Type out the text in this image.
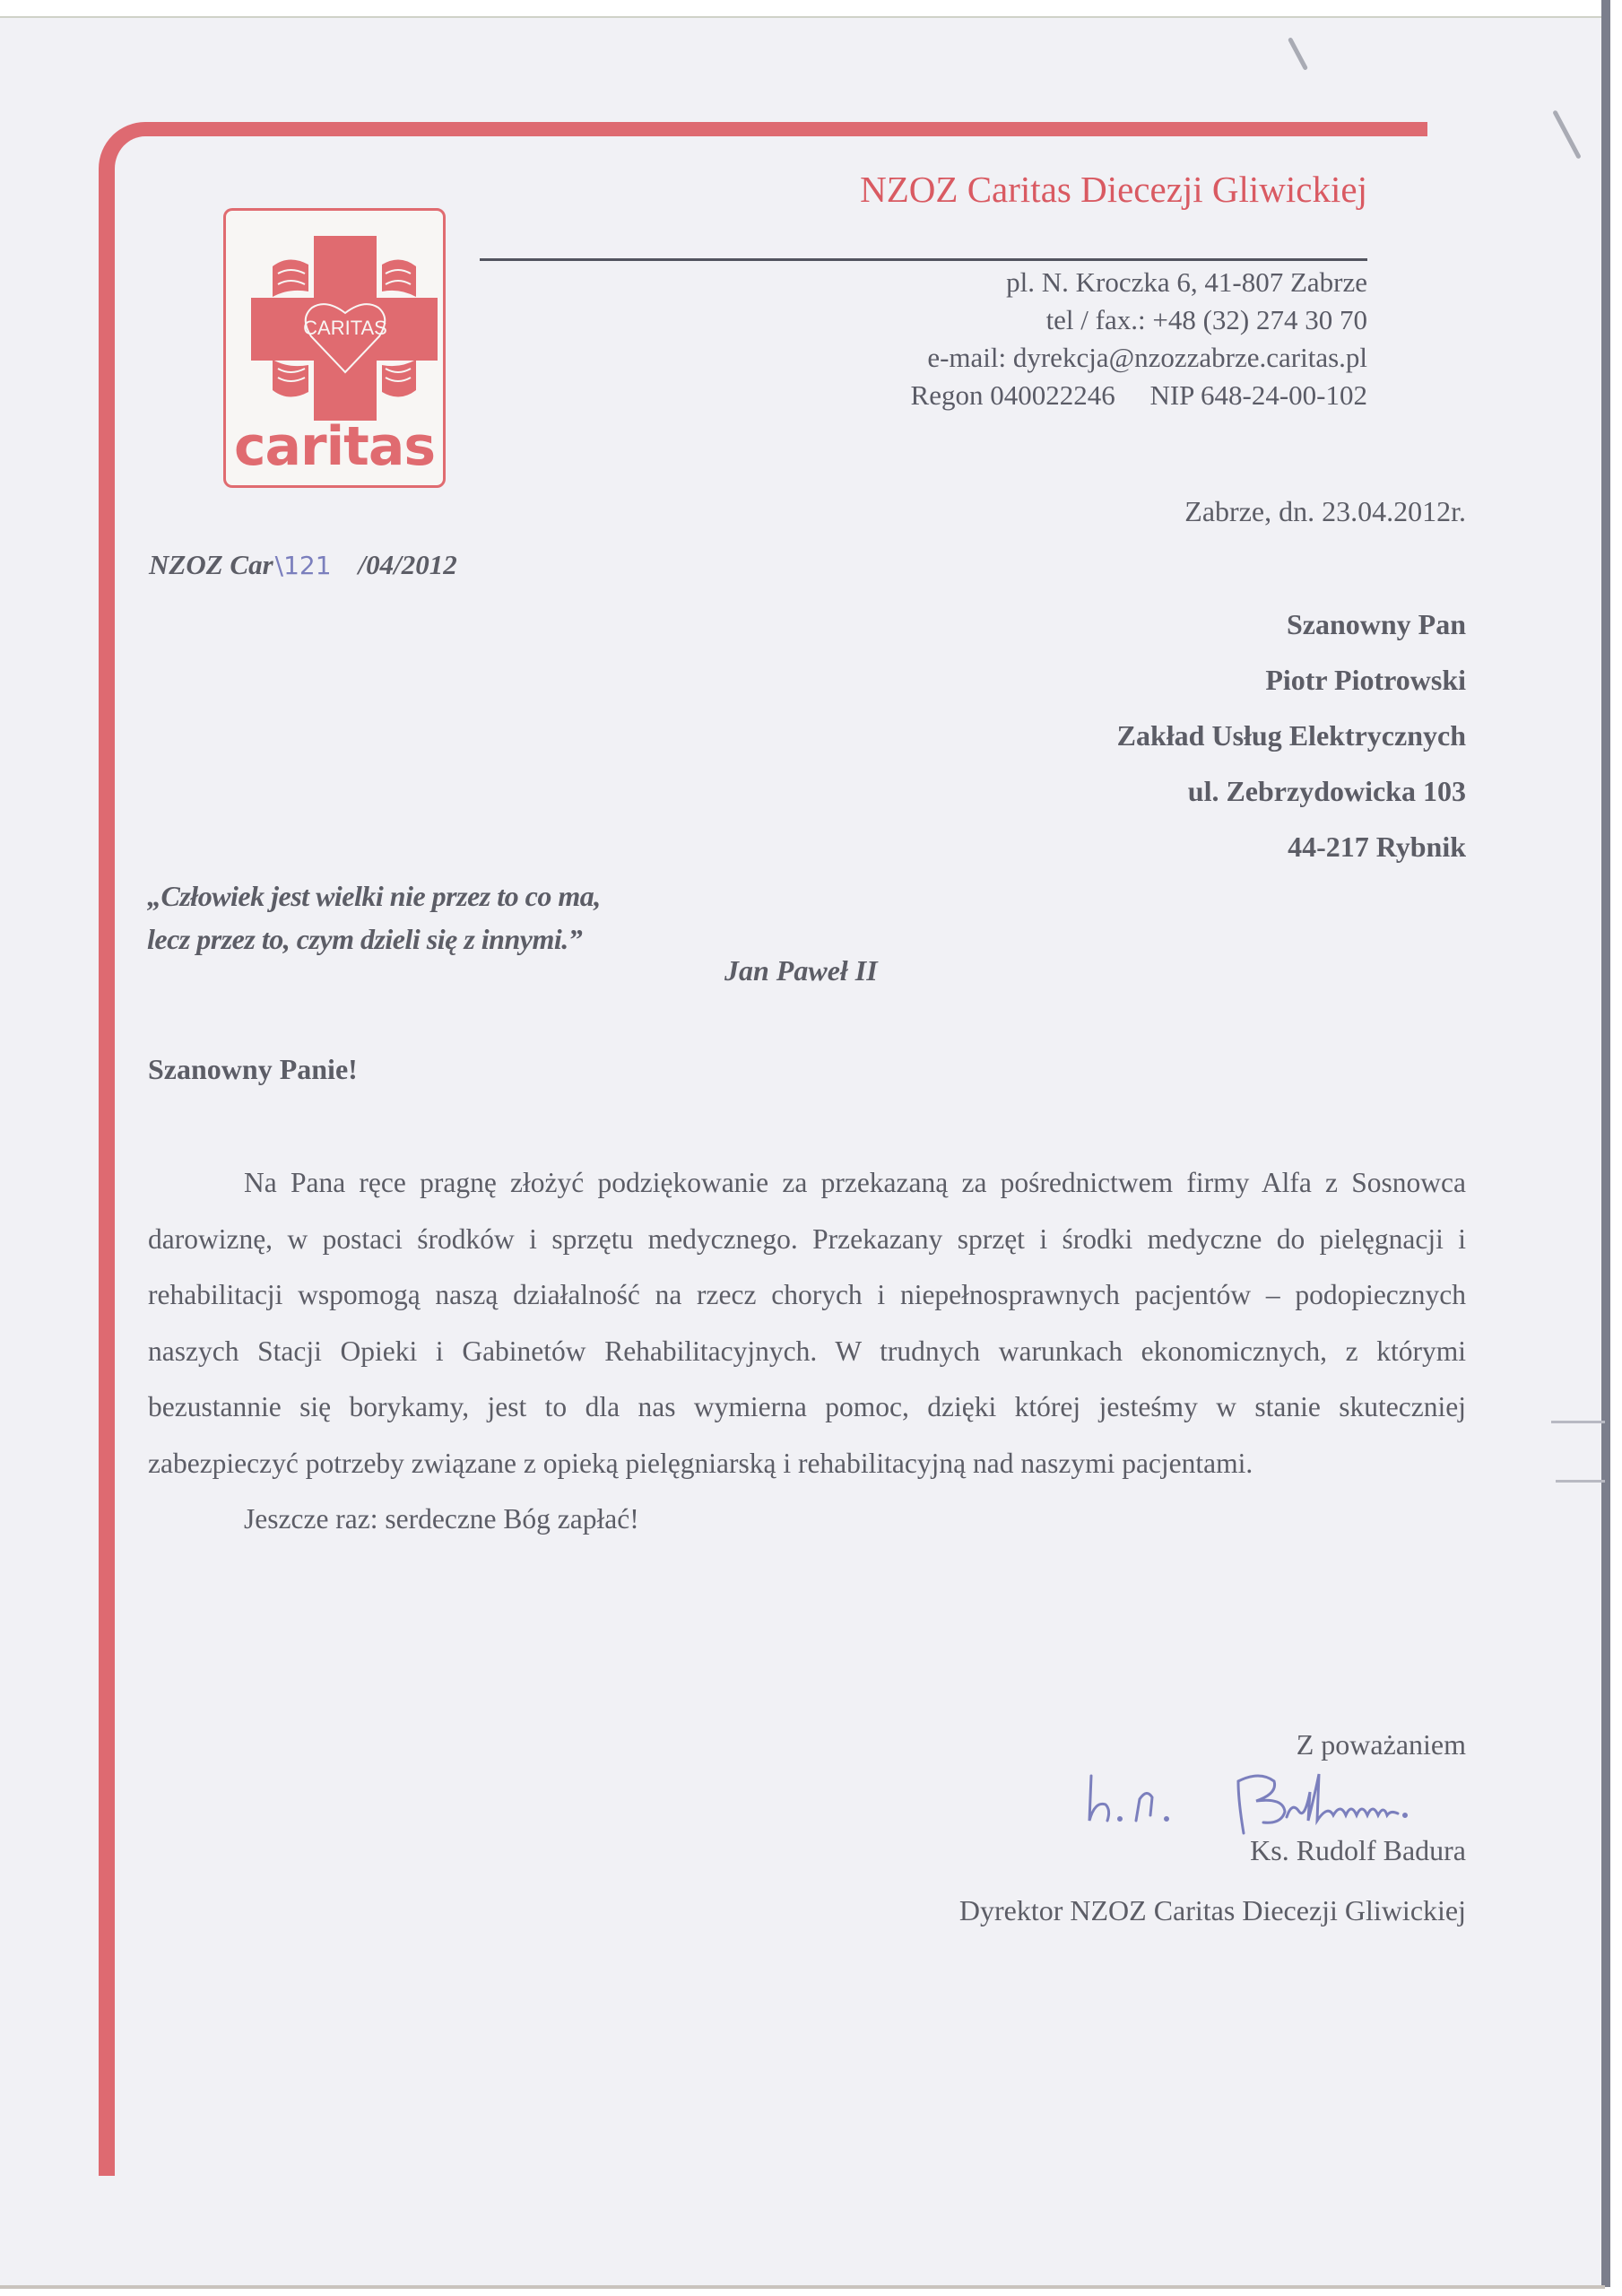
CARITAS
caritas
NZOZ Caritas Diecezji Gliwickiej
pl. N. Kroczka 6, 41-807 Zabrze
tel / fax.: +48 (32) 274 30 70
e-mail: dyrekcja@nzozzabrze.caritas.pl
Regon 040022246     NIP 648-24-00-102
Zabrze, dn. 23.04.2012r.
NZOZ Car\121 /04/2012
Szanowny Pan
Piotr Piotrowski
Zakład Usług Elektrycznych
ul. Zebrzydowicka 103
44-217 Rybnik
„Człowiek jest wielki nie przez to co ma,
lecz przez to, czym dzieli się z innymi.”
Jan Paweł II
Szanowny Panie!

Na Pana ręce pragnę złożyć podziękowanie za przekazaną za pośrednictwem firmy Alfa z Sosnowca darowiznę, w postaci środków i sprzętu medycznego. Przekazany sprzęt i środki medyczne do pielęgnacji i rehabilitacji wspomogą naszą działalność na rzecz chorych i niepełnosprawnych pacjentów – podopiecznych naszych Stacji Opieki i Gabinetów Rehabilitacyjnych. W trudnych warunkach ekonomicznych, z którymi bezustannie się borykamy, jest to dla nas wymierna pomoc, dzięki której jesteśmy w stanie skuteczniej zabezpieczyć potrzeby związane z opieką pielęgniarską i rehabilitacyjną nad naszymi pacjentami.

Jeszcze raz: serdeczne Bóg zapłać!

Z poważaniem
Ks. Rudolf Badura
Dyrektor NZOZ Caritas Diecezji Gliwickiej
